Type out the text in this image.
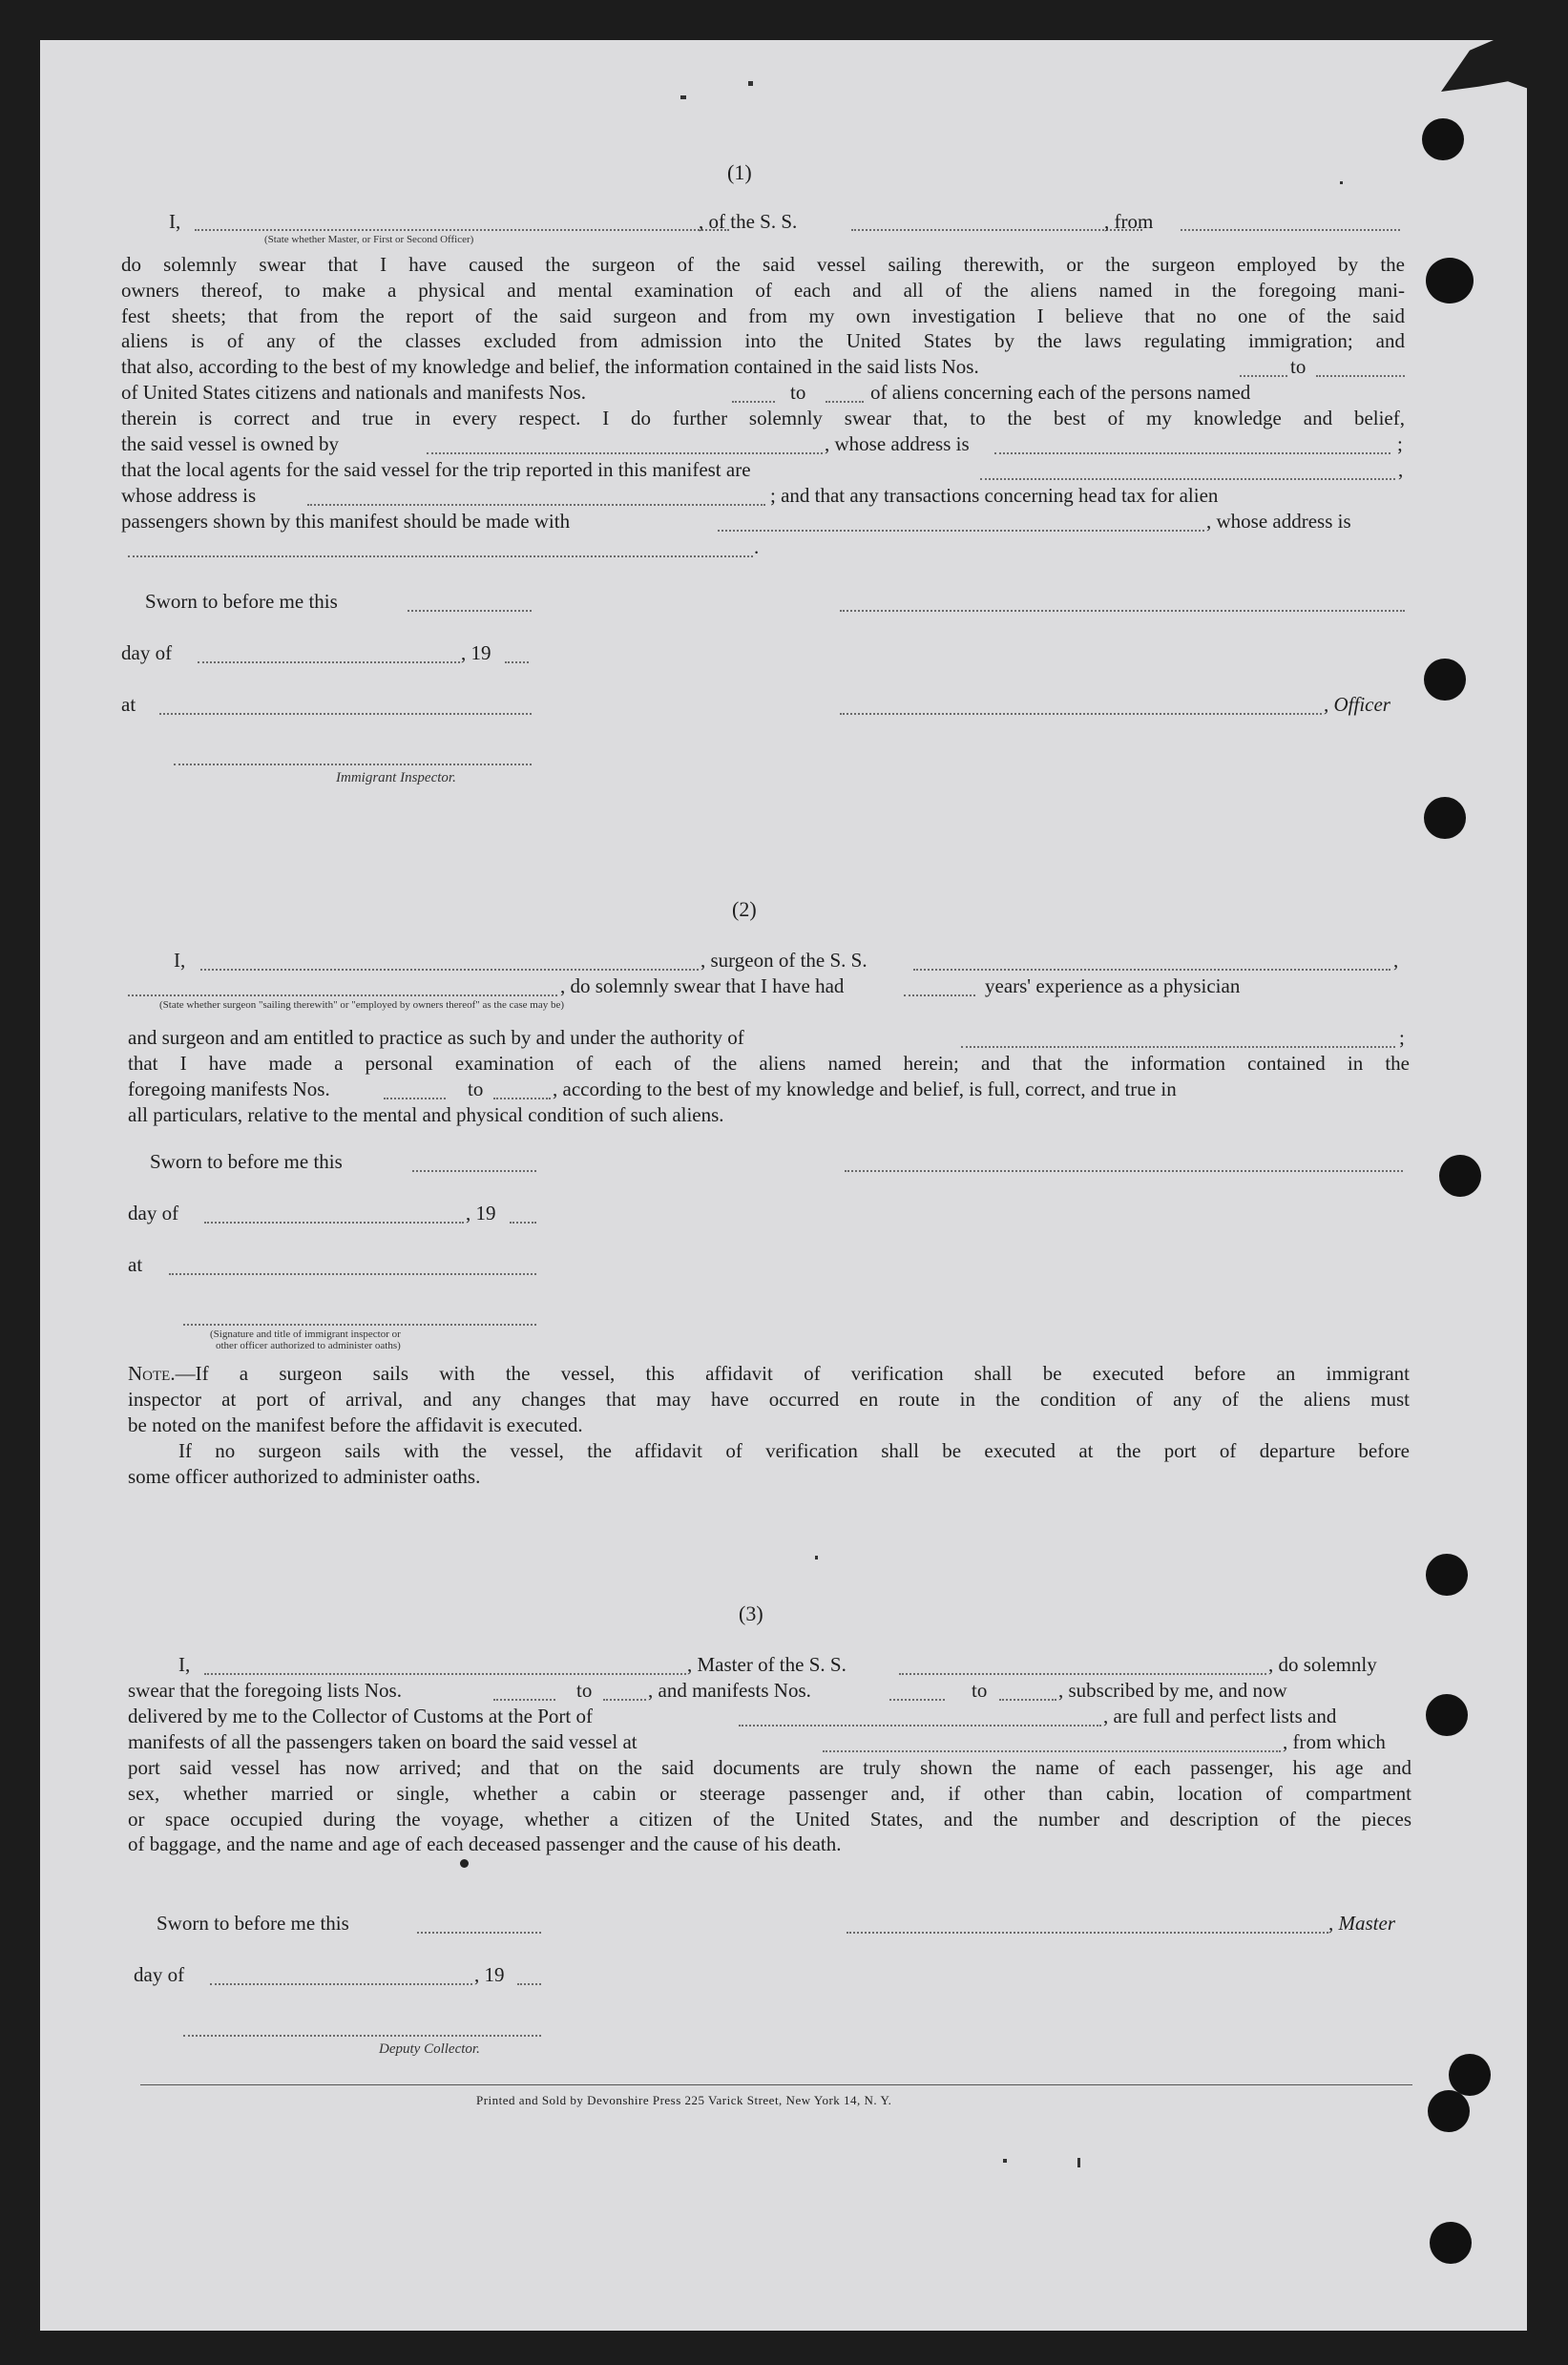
(1)
I,	, of the S. S.	, from
(State whether Master, or First or Second Officer)
do solemnly swear that I have caused the surgeon of the said vessel sailing therewith, or the surgeon employed by the
owners thereof, to make a physical and mental examination of each and all of the aliens named in the foregoing mani-
fest sheets; that from the report of the said surgeon and from my own investigation I believe that no one of the said
aliens is of any of the classes excluded from admission into the United States by the laws regulating immigration; and
that also, according to the best of my knowledge and belief, the information contained in the said lists Nos.	to
of United States citizens and nationals and manifests Nos.	to	of aliens concerning each of the persons named
therein is correct and true in every respect. I do further solemnly swear that, to the best of my knowledge and belief,
the said vessel is owned by	, whose address is	;
that the local agents for the said vessel for the trip reported in this manifest are	,
whose address is	; and that any transactions concerning head tax for alien
passengers shown by this manifest should be made with	, whose address is
.
Sworn to before me this
day of	, 19
at	, Officer
Immigrant Inspector.
(2)
I,	, surgeon of the S. S.	,
, do solemnly swear that I have had	years' experience as a physician
(State whether surgeon "sailing therewith" or "employed by owners thereof" as the case may be)
and surgeon and am entitled to practice as such by and under the authority of	;
that I have made a personal examination of each of the aliens named herein; and that the information contained in the
foregoing manifests Nos.	to	, according to the best of my knowledge and belief, is full, correct, and true in
all particulars, relative to the mental and physical condition of such aliens.
Sworn to before me this
day of	, 19
at
(Signature and title of immigrant inspector or
other officer authorized to administer oaths)
Note. —If a surgeon sails with the vessel, this affidavit of verification shall be executed before an immigrant
inspector at port of arrival, and any changes that may have occurred en route in the condition of any of the aliens must
be noted on the manifest before the affidavit is executed.
If no surgeon sails with the vessel, the affidavit of verification shall be executed at the port of departure before
some officer authorized to administer oaths.
(3)
I,	, Master of the S. S.	, do solemnly
swear that the foregoing lists Nos.	to	, and manifests Nos.	to	, subscribed by me, and now
delivered by me to the Collector of Customs at the Port of	, are full and perfect lists and
manifests of all the passengers taken on board the said vessel at	, from which
port said vessel has now arrived; and that on the said documents are truly shown the name of each passenger, his age and
sex, whether married or single, whether a cabin or steerage passenger and, if other than cabin, location of compartment
or space occupied during the voyage, whether a citizen of the United States, and the number and description of the pieces
of baggage, and the name and age of each deceased passenger and the cause of his death.
Sworn to before me this	, Master
day of	, 19
Deputy Collector.
Printed and Sold by Devonshire Press 225 Varick Street, New York 14, N. Y.
